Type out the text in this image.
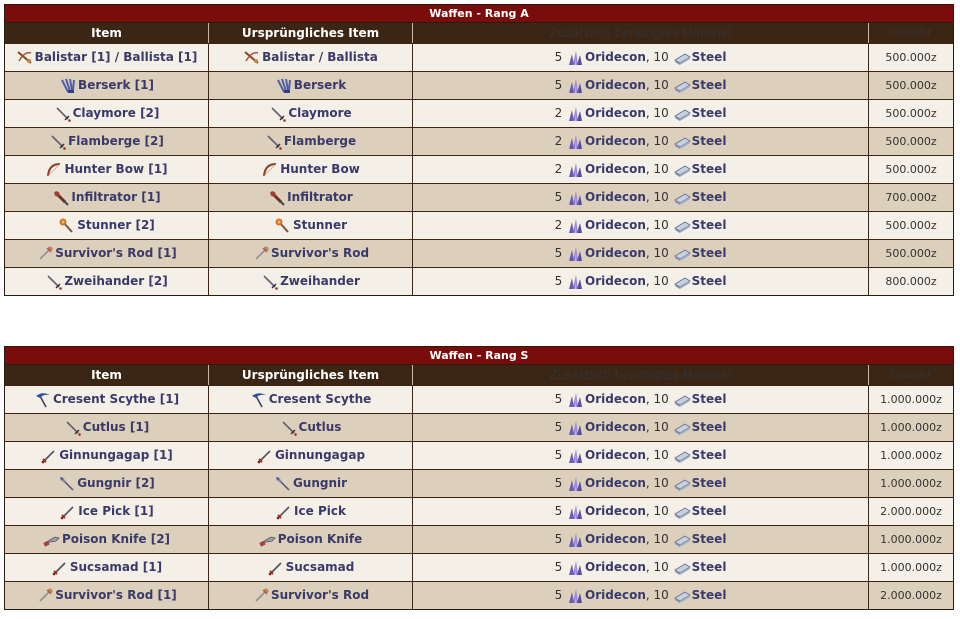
Waffen - Rang A
Item	Ursprüngliches Item	Zusätzlich benötigtes Material	Gebühr
Balistar [1] / Ballista [1]	Balistar / Ballista	5 Oridecon, 10 Steel	500.000z
Berserk [1]	Berserk	5 Oridecon, 10 Steel	500.000z
Claymore [2]	Claymore	2 Oridecon, 10 Steel	500.000z
Flamberge [2]	Flamberge	2 Oridecon, 10 Steel	500.000z
Hunter Bow [1]	Hunter Bow	2 Oridecon, 10 Steel	500.000z
Infiltrator [1]	Infiltrator	5 Oridecon, 10 Steel	700.000z
Stunner [2]	Stunner	2 Oridecon, 10 Steel	500.000z
Survivor's Rod [1]	Survivor's Rod	5 Oridecon, 10 Steel	500.000z
Zweihander [2]	Zweihander	5 Oridecon, 10 Steel	800.000z
Waffen - Rang S
Item	Ursprüngliches Item	Zusätzlich benötigtes Material	Gebühr
Cresent Scythe [1]	Cresent Scythe	5 Oridecon, 10 Steel	1.000.000z
Cutlus [1]	Cutlus	5 Oridecon, 10 Steel	1.000.000z
Ginnungagap [1]	Ginnungagap	5 Oridecon, 10 Steel	1.000.000z
Gungnir [2]	Gungnir	5 Oridecon, 10 Steel	1.000.000z
Ice Pick [1]	Ice Pick	5 Oridecon, 10 Steel	2.000.000z
Poison Knife [2]	Poison Knife	5 Oridecon, 10 Steel	1.000.000z
Sucsamad [1]	Sucsamad	5 Oridecon, 10 Steel	1.000.000z
Survivor's Rod [1]	Survivor's Rod	5 Oridecon, 10 Steel	2.000.000z
